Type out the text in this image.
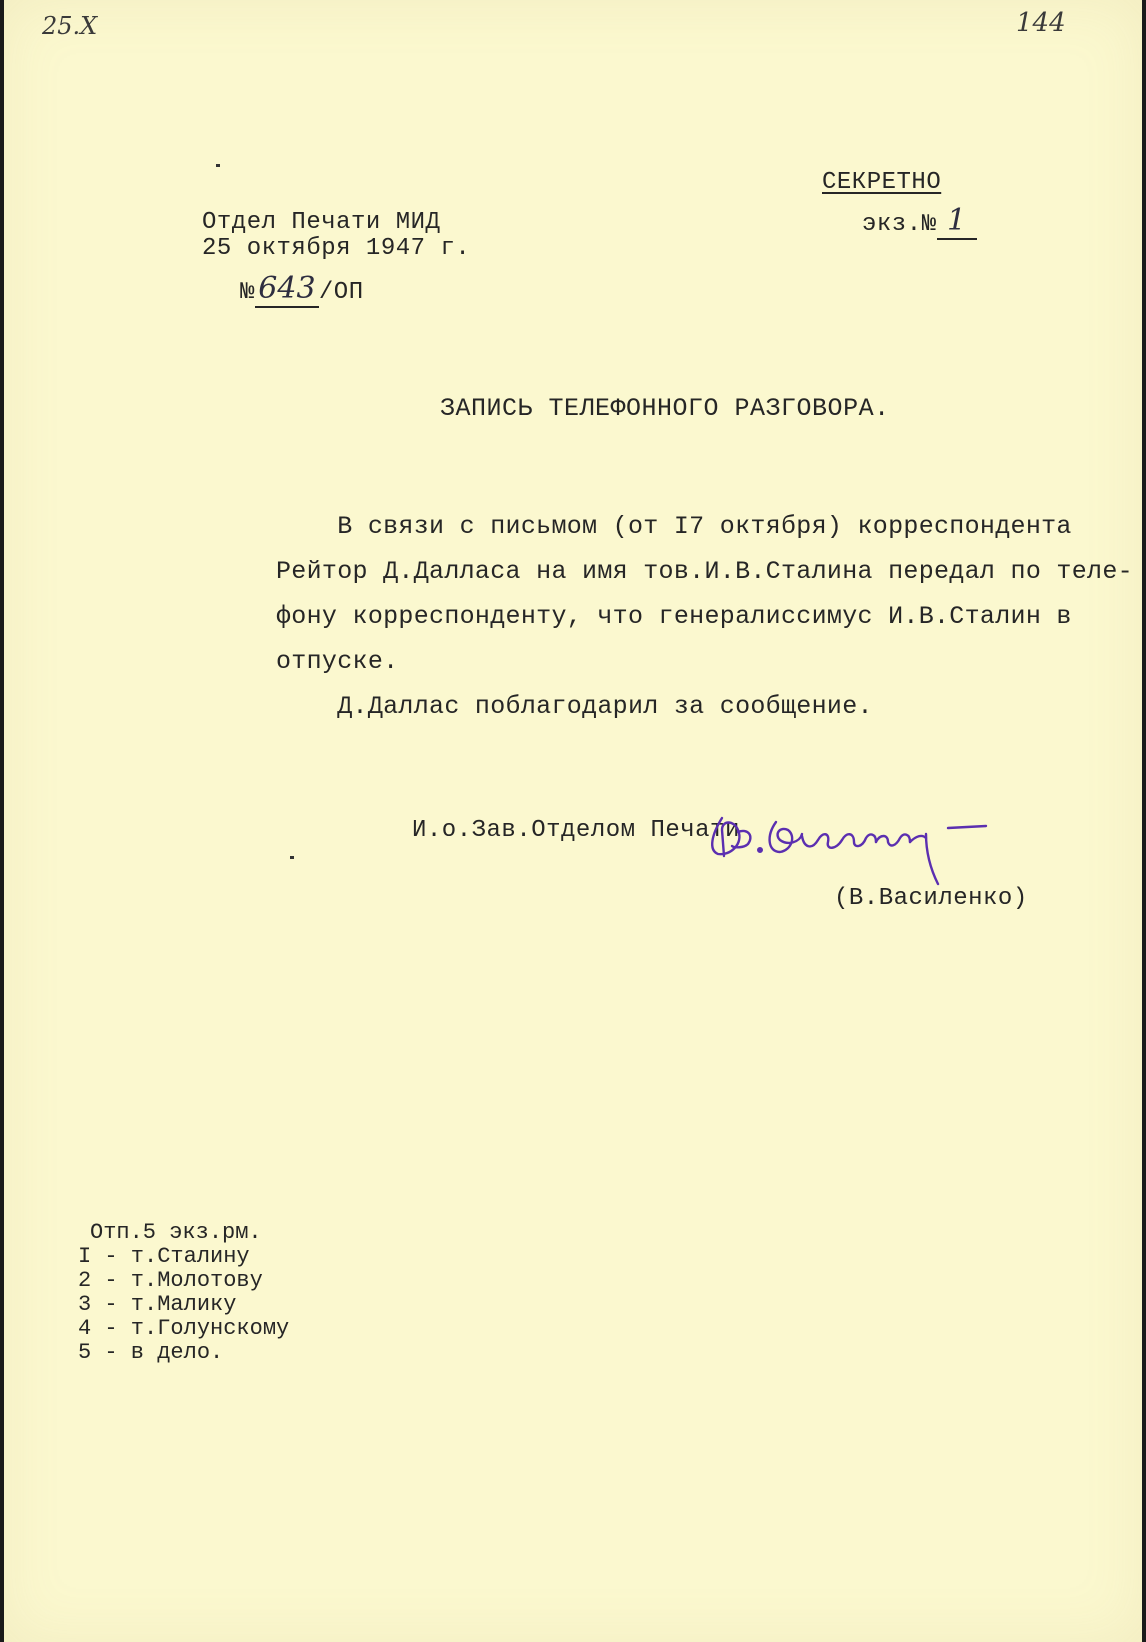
25.X	144
СЕКРЕТНО
экз.№ 1
Отдел Печати МИД
25 октября 1947 г.
№ 643 /ОП
ЗАПИСЬ ТЕЛЕФОННОГО РАЗГОВОРА.
В связи с письмом (от I7 октября) корреспондента
Рейтор Д.Далласа на имя тов.И.В.Сталина передал по теле-
фону корреспонденту, что генералиссимус И.В.Сталин в
отпуске.
Д.Даллас поблагодарил за сообщение.
И.о.Зав.Отделом Печати
(В.Василенко)
Отп.5 экз.рм.
I - т.Сталину
2 - т.Молотову
3 - т.Малику
4 - т.Голунскому
5 - в дело.
